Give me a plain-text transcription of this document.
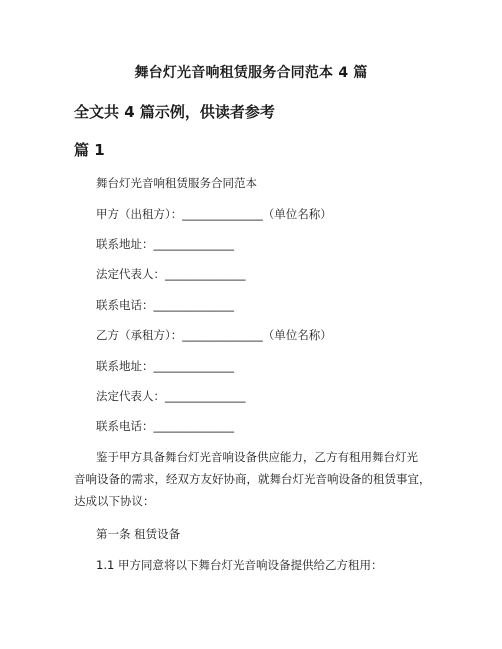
舞台灯光音响租赁服务合同范本 4 篇
全文共 4 篇示例，供读者参考
篇 1
舞台灯光音响租赁服务合同范本
甲方（出租方）：______________（单位名称）
联系地址：______________
法定代表人：______________
联系电话：______________
乙方（承租方）：______________（单位名称）
联系地址：______________
法定代表人：______________
联系电话：______________
鉴于甲方具备舞台灯光音响设备供应能力，乙方有租用舞台灯光
音响设备的需求，经双方友好协商，就舞台灯光音响设备的租赁事宜，
达成以下协议：
第一条 租赁设备
1.1 甲方同意将以下舞台灯光音响设备提供给乙方租用：
